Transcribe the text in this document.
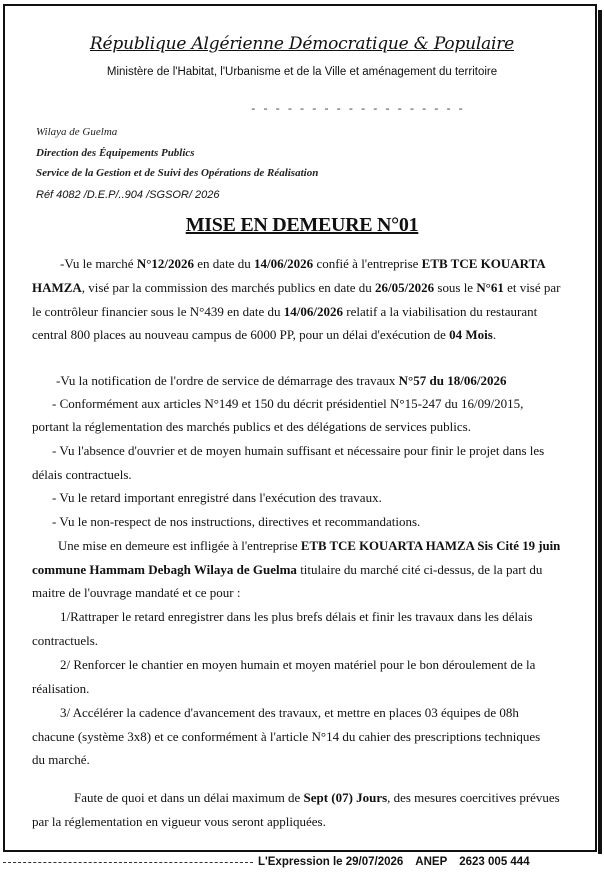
République Algérienne Démocratique & Populaire
Ministère de l'Habitat, l'Urbanisme et de la Ville et aménagement du territoire
- - - - - - - - - - - - - - - - - -
Wilaya de Guelma
Direction des Équipements Publics
Service de la Gestion et de Suivi des Opérations de Réalisation
Réf 4082 /D.E.P/..904 /SGSOR/ 2026
MISE EN DEMEURE N°01
-Vu le marché N°12/2026 en date du 14/06/2026 confié à l'entreprise ETB TCE KOUARTA
HAMZA, visé par la commission des marchés publics en date du 26/05/2026 sous le N°61 et visé par
le contrôleur financier sous le N°439 en date du 14/06/2026 relatif a la viabilisation du restaurant
central 800 places au nouveau campus de 6000 PP, pour un délai d'exécution de 04 Mois.
-Vu la notification de l'ordre de service de démarrage des travaux N°57 du 18/06/2026
- Conformément aux articles N°149 et 150 du décrit présidentiel N°15-247 du 16/09/2015,
portant la réglementation des marchés publics et des délégations de services publics.
- Vu l'absence d'ouvrier et de moyen humain suffisant et nécessaire pour finir le projet dans les
délais contractuels.
- Vu le retard important enregistré dans l'exécution des travaux.
- Vu le non-respect de nos instructions, directives et recommandations.
Une mise en demeure est infligée à l'entreprise ETB TCE KOUARTA HAMZA Sis Cité 19 juin
commune Hammam Debagh Wilaya de Guelma titulaire du marché cité ci-dessus, de la part du
maitre de l'ouvrage mandaté et ce pour :
1/Rattraper le retard enregistrer dans les plus brefs délais et finir les travaux dans les délais
contractuels.
2/ Renforcer le chantier en moyen humain et moyen matériel pour le bon déroulement de la
réalisation.
3/ Accélérer la cadence d'avancement des travaux, et mettre en places 03 équipes de 08h
chacune (système 3x8) et ce conformément à l'article N°14 du cahier des prescriptions techniques
du marché.
Faute de quoi et dans un délai maximum de Sept (07) Jours, des mesures coercitives prévues
par la réglementation en vigueur vous seront appliquées.
L'Expression le 29/07/2026 ANEP 2623 005 444
